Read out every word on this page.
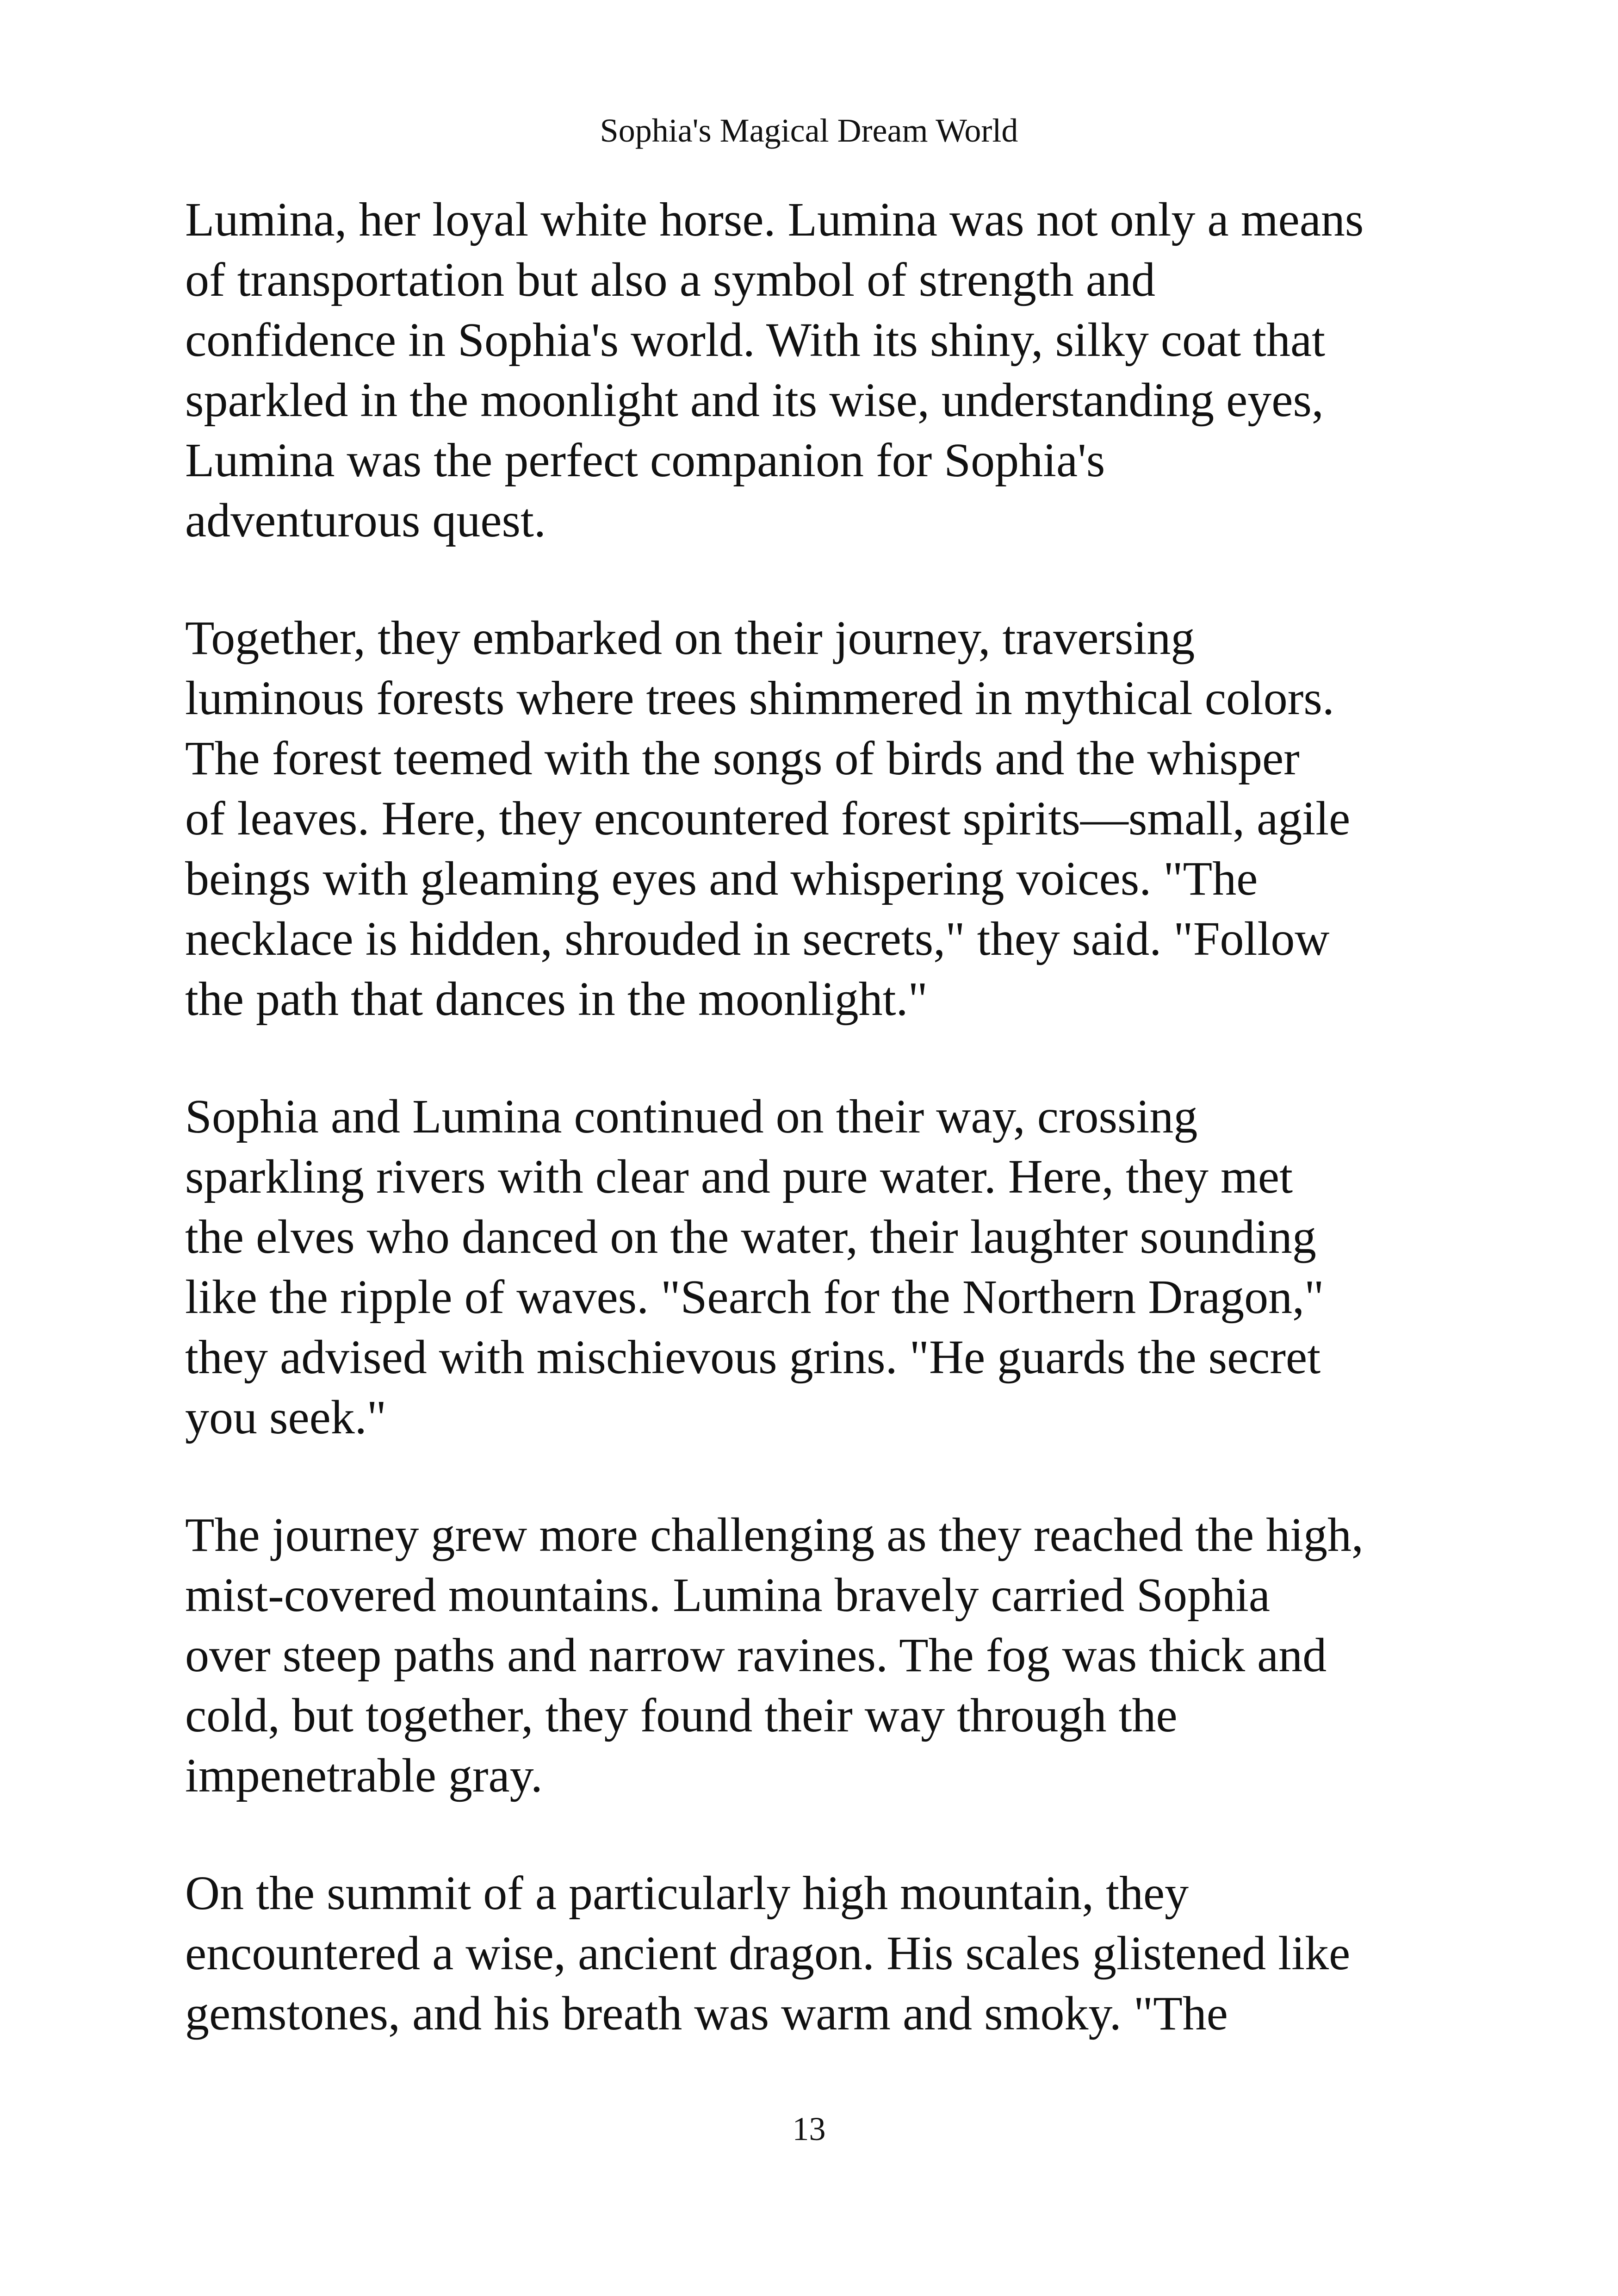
Sophia's Magical Dream World

Lumina, her loyal white horse. Lumina was not only a means
of transportation but also a symbol of strength and
confidence in Sophia's world. With its shiny, silky coat that
sparkled in the moonlight and its wise, understanding eyes,
Lumina was the perfect companion for Sophia's
adventurous quest.

Together, they embarked on their journey, traversing
luminous forests where trees shimmered in mythical colors.
The forest teemed with the songs of birds and the whisper
of leaves. Here, they encountered forest spirits—small, agile
beings with gleaming eyes and whispering voices. "The
necklace is hidden, shrouded in secrets," they said. "Follow
the path that dances in the moonlight."

Sophia and Lumina continued on their way, crossing
sparkling rivers with clear and pure water. Here, they met
the elves who danced on the water, their laughter sounding
like the ripple of waves. "Search for the Northern Dragon,"
they advised with mischievous grins. "He guards the secret
you seek."

The journey grew more challenging as they reached the high,
mist-covered mountains. Lumina bravely carried Sophia
over steep paths and narrow ravines. The fog was thick and
cold, but together, they found their way through the
impenetrable gray.

On the summit of a particularly high mountain, they
encountered a wise, ancient dragon. His scales glistened like
gemstones, and his breath was warm and smoky. "The

13
